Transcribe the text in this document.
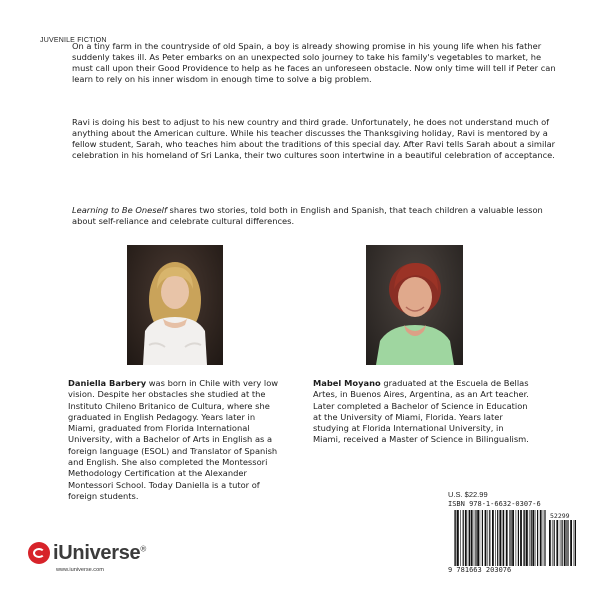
JUVENILE FICTION

On a tiny farm in the countryside of old Spain, a boy is already showing promise in his young life when his father suddenly takes ill. As Peter embarks on an unexpected solo journey to take his family's vegetables to market, he must call upon their Good Providence to help as he faces an unforeseen obstacle. Now only time will tell if Peter can learn to rely on his inner wisdom in enough time to solve a big problem.

Ravi is doing his best to adjust to his new country and third grade. Unfortunately, he does not understand much of anything about the American culture. While his teacher discusses the Thanksgiving holiday, Ravi is mentored by a fellow student, Sarah, who teaches him about the traditions of this special day. After Ravi tells Sarah about a similar celebration in his homeland of Sri Lanka, their two cultures soon intertwine in a beautiful celebration of acceptance.

Learning to Be Oneself shares two stories, told both in English and Spanish, that teach children a valuable lesson about self-reliance and celebrate cultural differences.

Daniella Barbery was born in Chile with very low vision. Despite her obstacles she studied at the Instituto Chileno Britanico de Cultura, where she graduated in English Pedagogy. Years later in Miami, graduated from Florida International University, with a Bachelor of Arts in English as a foreign language (ESOL) and Translator of Spanish and English. She also completed the Montessori Methodology Certification at the Alexander Montessori School. Today Daniella is a tutor of foreign students.

Mabel Moyano graduated at the Escuela de Bellas Artes, in Buenos Aires, Argentina, as an Art teacher. Later completed a Bachelor of Science in Education at the University of Miami, Florida. Years later studying at Florida International University, in Miami, received a Master of Science in Bilingualism.

iUniverse®
www.iuniverse.com
U.S. $22.99
ISBN 978-1-6632-0307-6
52299
9 781663 203076
